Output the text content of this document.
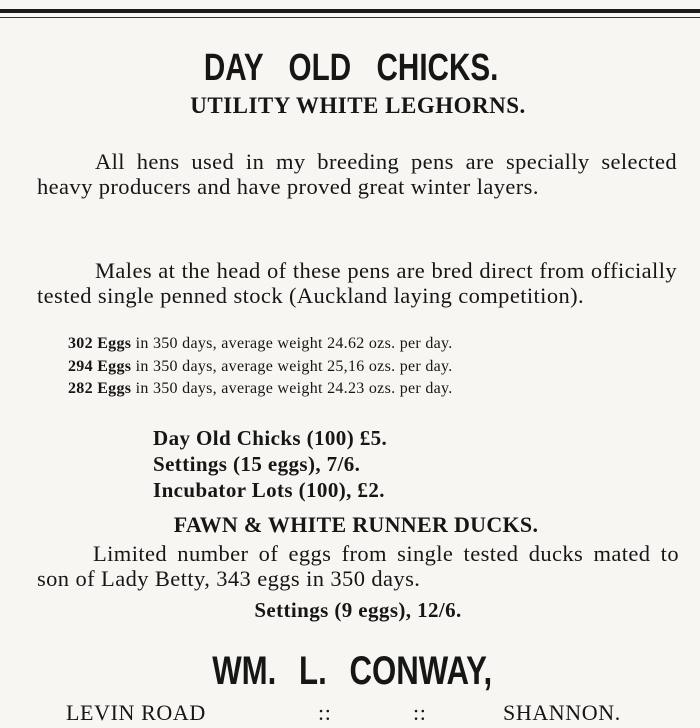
DAY OLD CHICKS.
UTILITY WHITE LEGHORNS.
All hens used in my breeding pens are specially selected heavy producers and have proved great winter layers.
Males at the head of these pens are bred direct from officially tested single penned stock (Auckland laying competition).
302 Eggs in 350 days, average weight 24.62 ozs. per day.
294 Eggs in 350 days, average weight 25,16 ozs. per day.
282 Eggs in 350 days, average weight 24.23 ozs. per day.
Day Old Chicks (100) £5.
Settings (15 eggs), 7/6.
Incubator Lots (100), £2.
FAWN & WHITE RUNNER DUCKS.
Limited number of eggs from single tested ducks mated to son of Lady Betty, 343 eggs in 350 days.
Settings (9 eggs), 12/6.
WM. L. CONWAY,
LEVIN ROAD	::	::	SHANNON.
